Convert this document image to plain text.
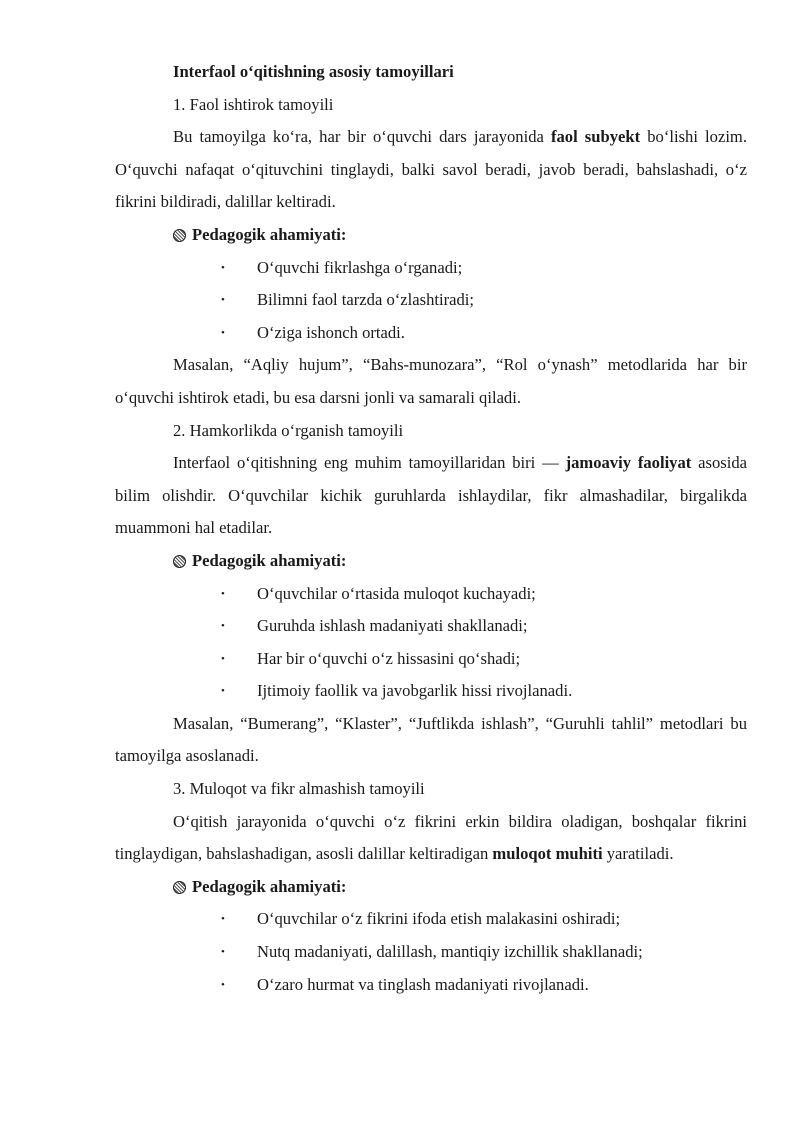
Interfaol o‘qitishning asosiy tamoyillari

1. Faol ishtirok tamoyili

Bu tamoyilga ko‘ra, har bir o‘quvchi dars jarayonida faol subyekt bo‘lishi lozim. O‘quvchi nafaqat o‘qituvchini tinglaydi, balki savol beradi, javob beradi, bahslashadi, o‘z fikrini bildiradi, dalillar keltiradi.

Pedagogik ahamiyati:

• O‘quvchi fikrlashga o‘rganadi;
• Bilimni faol tarzda o‘zlashtiradi;
• O‘ziga ishonch ortadi.

Masalan, “Aqliy hujum”, “Bahs-munozara”, “Rol o‘ynash” metodlarida har bir o‘quvchi ishtirok etadi, bu esa darsni jonli va samarali qiladi.

2. Hamkorlikda o‘rganish tamoyili

Interfaol o‘qitishning eng muhim tamoyillaridan biri — jamoaviy faoliyat asosida bilim olishdir. O‘quvchilar kichik guruhlarda ishlaydilar, fikr almashadilar, birgalikda muammoni hal etadilar.

Pedagogik ahamiyati:

• O‘quvchilar o‘rtasida muloqot kuchayadi;
• Guruhda ishlash madaniyati shakllanadi;
• Har bir o‘quvchi o‘z hissasini qo‘shadi;
• Ijtimoiy faollik va javobgarlik hissi rivojlanadi.

Masalan, “Bumerang”, “Klaster”, “Juftlikda ishlash”, “Guruhli tahlil” metodlari bu tamoyilga asoslanadi.

3. Muloqot va fikr almashish tamoyili

O‘qitish jarayonida o‘quvchi o‘z fikrini erkin bildira oladigan, boshqalar fikrini tinglaydigan, bahslashadigan, asosli dalillar keltiradigan muloqot muhiti yaratiladi.

Pedagogik ahamiyati:

• O‘quvchilar o‘z fikrini ifoda etish malakasini oshiradi;
• Nutq madaniyati, dalillash, mantiqiy izchillik shakllanadi;
• O‘zaro hurmat va tinglash madaniyati rivojlanadi.
